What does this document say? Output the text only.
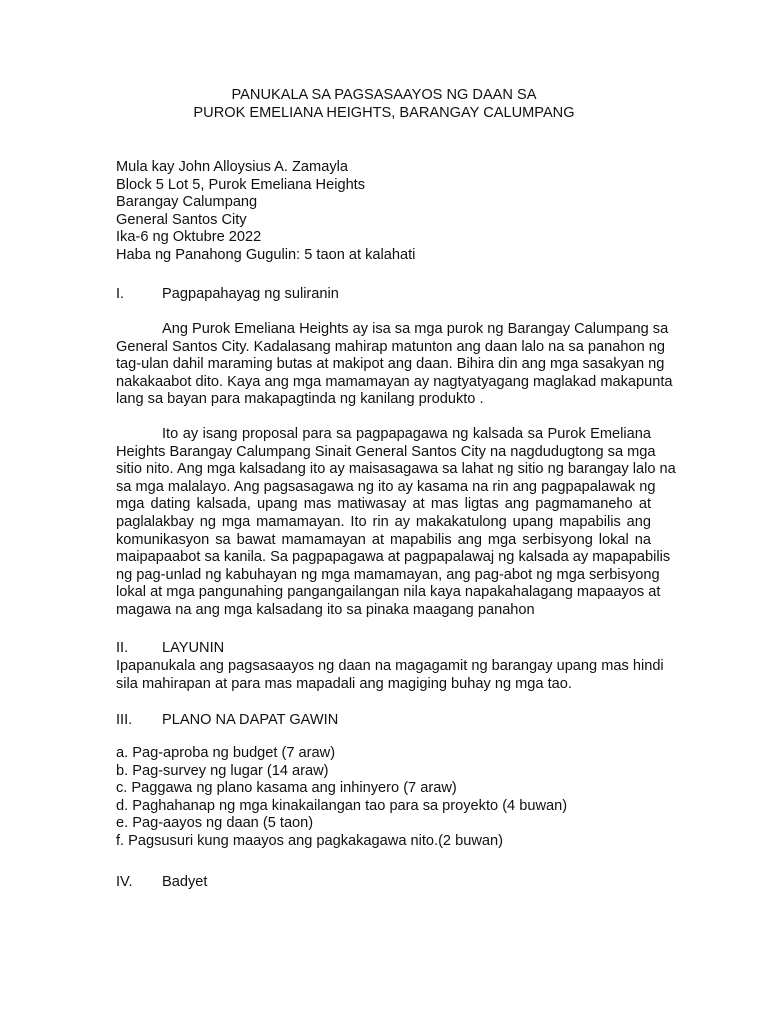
PANUKALA SA PAGSASAAYOS NG DAAN SA
PUROK EMELIANA HEIGHTS, BARANGAY CALUMPANG
Mula kay John Alloysius A. Zamayla
Block 5 Lot 5, Purok Emeliana Heights
Barangay Calumpang
General Santos City
Ika-6 ng Oktubre 2022
Haba ng Panahong Gugulin: 5 taon at kalahati
I.	Pagpapahayag ng suliranin
Ang Purok Emeliana Heights ay isa sa mga purok ng Barangay Calumpang sa
General Santos City. Kadalasang mahirap matunton ang daan lalo na sa panahon ng
tag-ulan dahil maraming butas at makipot ang daan. Bihira din ang mga sasakyan ng
nakakaabot dito. Kaya ang mga mamamayan ay nagtyatyagang maglakad makapunta
lang sa bayan para makapagtinda ng kanilang produkto .
Ito ay isang proposal para sa pagpapagawa ng kalsada sa Purok Emeliana
Heights Barangay Calumpang Sinait General Santos City na nagdudugtong sa mga
sitio nito. Ang mga kalsadang ito ay maisasagawa sa lahat ng sitio ng barangay lalo na
sa mga malalayo. Ang pagsasagawa ng ito ay kasama na rin ang pagpapalawak ng
mga dating kalsada, upang mas matiwasay at mas ligtas ang pagmamaneho at
paglalakbay ng mga mamamayan. Ito rin ay makakatulong upang mapabilis ang
komunikasyon sa bawat mamamayan at mapabilis ang mga serbisyong lokal na
maipapaabot sa kanila. Sa pagpapagawa at pagpapalawaj ng kalsada ay mapapabilis
ng pag-unlad ng kabuhayan ng mga mamamayan, ang pag-abot ng mga serbisyong
lokal at mga pangunahing pangangailangan nila kaya napakahalagang mapaayos at
magawa na ang mga kalsadang ito sa pinaka maagang panahon
II. LAYUNIN
Ipapanukala ang pagsasaayos ng daan na magagamit ng barangay upang mas hindi
sila mahirapan at para mas mapadali ang magiging buhay ng mga tao.
III. PLANO NA DAPAT GAWIN
a. Pag-aproba ng budget (7 araw)
b. Pag-survey ng lugar (14 araw)
c. Paggawa ng plano kasama ang inhinyero (7 araw)
d. Paghahanap ng mga kinakailangan tao para sa proyekto (4 buwan)
e. Pag-aayos ng daan (5 taon)
f. Pagsusuri kung maayos ang pagkakagawa nito.(2 buwan)
IV. Badyet
